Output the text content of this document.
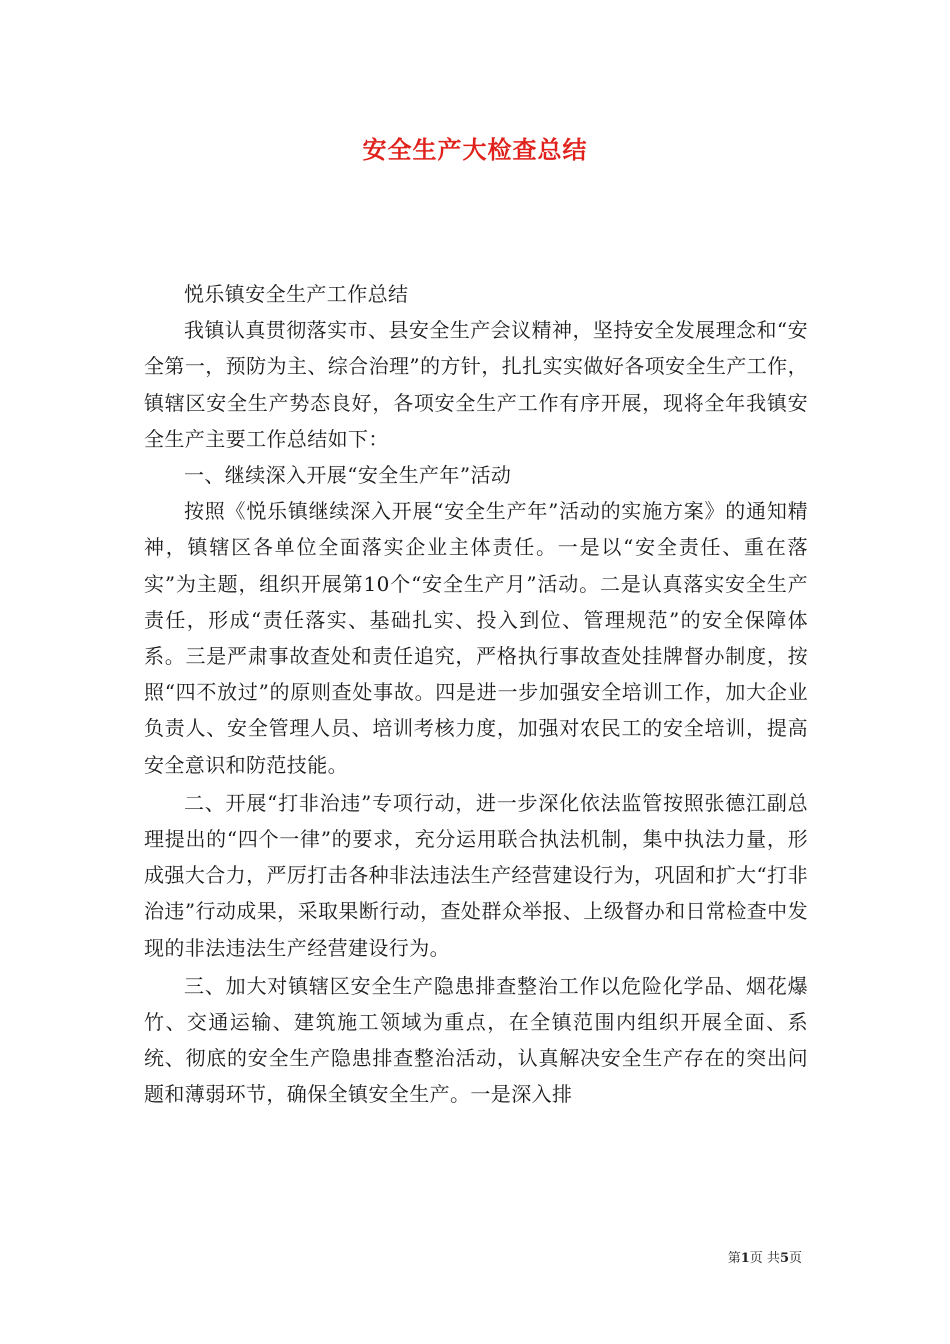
安全生产大检查总结

悦乐镇安全生产工作总结

我镇认真贯彻落实市、县安全生产会议精神，坚持安全发展理念和“安全第一，预防为主、综合治理”的方针，扎扎实实做好各项安全生产工作，镇辖区安全生产势态良好，各项安全生产工作有序开展，现将全年我镇安全生产主要工作总结如下：

一、继续深入开展“安全生产年”活动

按照《悦乐镇继续深入开展“安全生产年”活动的实施方案》的通知精神，镇辖区各单位全面落实企业主体责任。一是以“安全责任、重在落实”为主题，组织开展第10个“安全生产月”活动。二是认真落实安全生产责任，形成“责任落实、基础扎实、投入到位、管理规范”的安全保障体系。三是严肃事故查处和责任追究，严格执行事故查处挂牌督办制度，按照“四不放过”的原则查处事故。四是进一步加强安全培训工作，加大企业负责人、安全管理人员、培训考核力度，加强对农民工的安全培训，提高安全意识和防范技能。

二、开展“打非治违”专项行动，进一步深化依法监管按照张德江副总理提出的“四个一律”的要求，充分运用联合执法机制，集中执法力量，形成强大合力，严厉打击各种非法违法生产经营建设行为，巩固和扩大“打非治违”行动成果，采取果断行动，查处群众举报、上级督办和日常检查中发现的非法违法生产经营建设行为。

三、加大对镇辖区安全生产隐患排查整治工作以危险化学品、烟花爆竹、交通运输、建筑施工领域为重点，在全镇范围内组织开展全面、系统、彻底的安全生产隐患排查整治活动，认真解决安全生产存在的突出问题和薄弱环节，确保全镇安全生产。一是深入排

第1页 共5页
